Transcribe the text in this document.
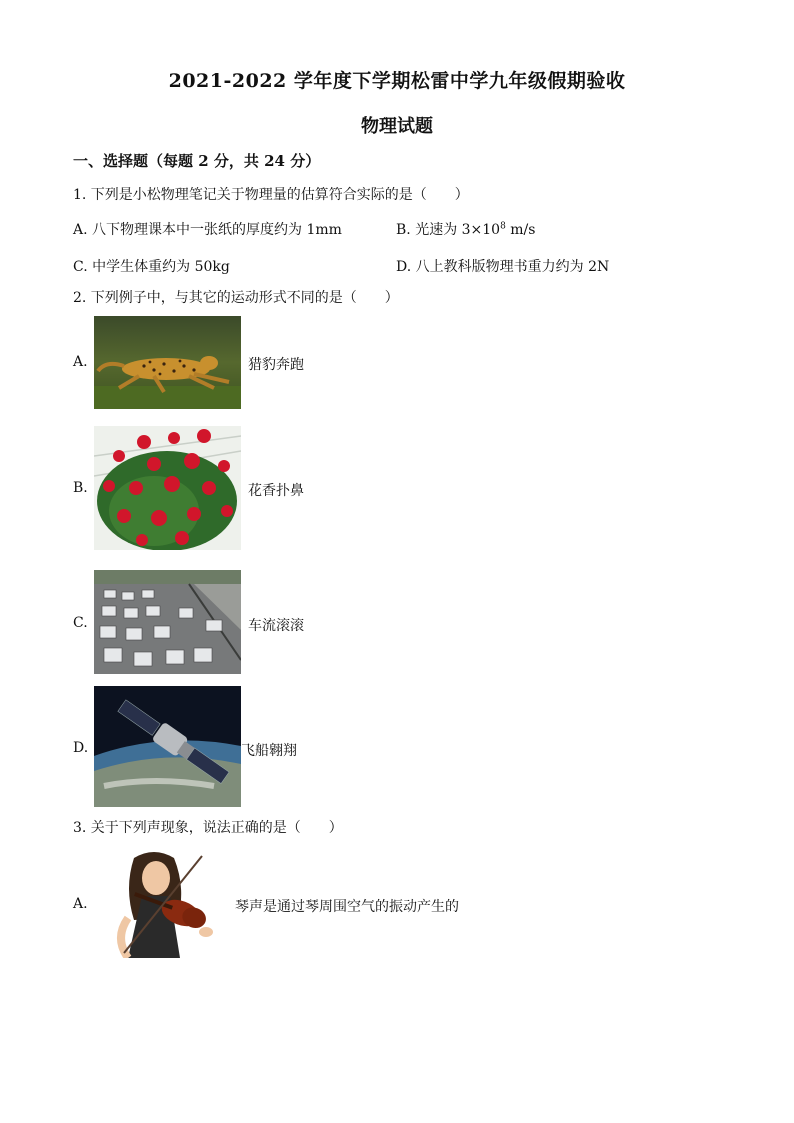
2021-2022 学年度下学期松雷中学九年级假期验收
物理试题
一、选择题（每题 2 分，共 24 分）
1. 下列是小松物理笔记关于物理量的估算符合实际的是（　　）
A. 八下物理课本中一张纸的厚度约为 1mm	B. 光速为 $3\times 10^8$ m/s
C. 中学生体重约为 50kg	D. 八上教科版物理书重力约为 2N
2. 下列例子中，与其它的运动形式不同的是（　　）
A.	猎豹奔跑
B.	花香扑鼻
C.	车流滚滚
D.	飞船翱翔
3. 关于下列声现象，说法正确的是（　　）
A.	琴声是通过琴周围空气的振动产生的
